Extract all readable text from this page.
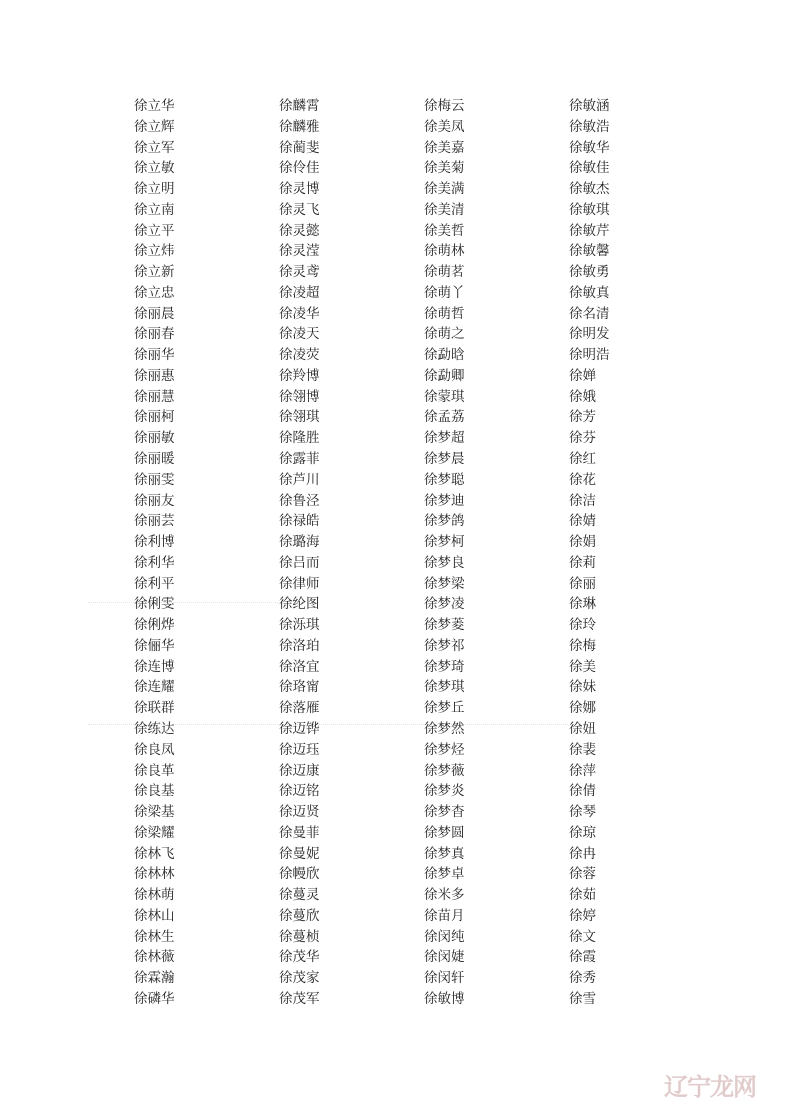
徐立华
徐立辉
徐立军
徐立敏
徐立明
徐立南
徐立平
徐立炜
徐立新
徐立忠
徐丽晨
徐丽春
徐丽华
徐丽惠
徐丽慧
徐丽柯
徐丽敏
徐丽暖
徐丽雯
徐丽友
徐丽芸
徐利博
徐利华
徐利平
徐俐雯
徐俐烨
徐俪华
徐连博
徐连耀
徐联群
徐练达
徐良凤
徐良革
徐良基
徐梁基
徐梁耀
徐林飞
徐林林
徐林萌
徐林山
徐林生
徐林薇
徐霖瀚
徐磷华
徐麟霄
徐麟雅
徐蔺斐
徐伶佳
徐灵博
徐灵飞
徐灵懿
徐灵滢
徐灵鸢
徐凌超
徐凌华
徐凌天
徐凌荧
徐羚博
徐翎博
徐翎琪
徐隆胜
徐露菲
徐芦川
徐鲁泾
徐禄皓
徐璐海
徐吕而
徐律师
徐纶图
徐泺琪
徐洛珀
徐洛宜
徐珞甯
徐落雁
徐迈铧
徐迈珏
徐迈康
徐迈铭
徐迈贤
徐曼菲
徐曼妮
徐幔欣
徐蔓灵
徐蔓欣
徐蔓桢
徐茂华
徐茂家
徐茂军
徐梅云
徐美凤
徐美嘉
徐美菊
徐美满
徐美清
徐美哲
徐萌林
徐萌茗
徐萌丫
徐萌哲
徐萌之
徐勐晗
徐勐卿
徐蒙琪
徐孟荔
徐梦超
徐梦晨
徐梦聪
徐梦迪
徐梦鸽
徐梦柯
徐梦良
徐梦梁
徐梦凌
徐梦菱
徐梦祁
徐梦琦
徐梦琪
徐梦丘
徐梦然
徐梦烃
徐梦薇
徐梦炎
徐梦杳
徐梦圆
徐梦真
徐梦卓
徐米多
徐苗月
徐闵纯
徐闵婕
徐闵轩
徐敏博
徐敏涵
徐敏浩
徐敏华
徐敏佳
徐敏杰
徐敏琪
徐敏芹
徐敏馨
徐敏勇
徐敏真
徐名清
徐明发
徐明浩
徐婵
徐娥
徐芳
徐芬
徐红
徐花
徐洁
徐婧
徐娟
徐莉
徐丽
徐琳
徐玲
徐梅
徐美
徐妹
徐娜
徐妞
徐裴
徐萍
徐倩
徐琴
徐琼
徐冉
徐蓉
徐茹
徐婷
徐文
徐霞
徐秀
徐雪
辽宁龙网
